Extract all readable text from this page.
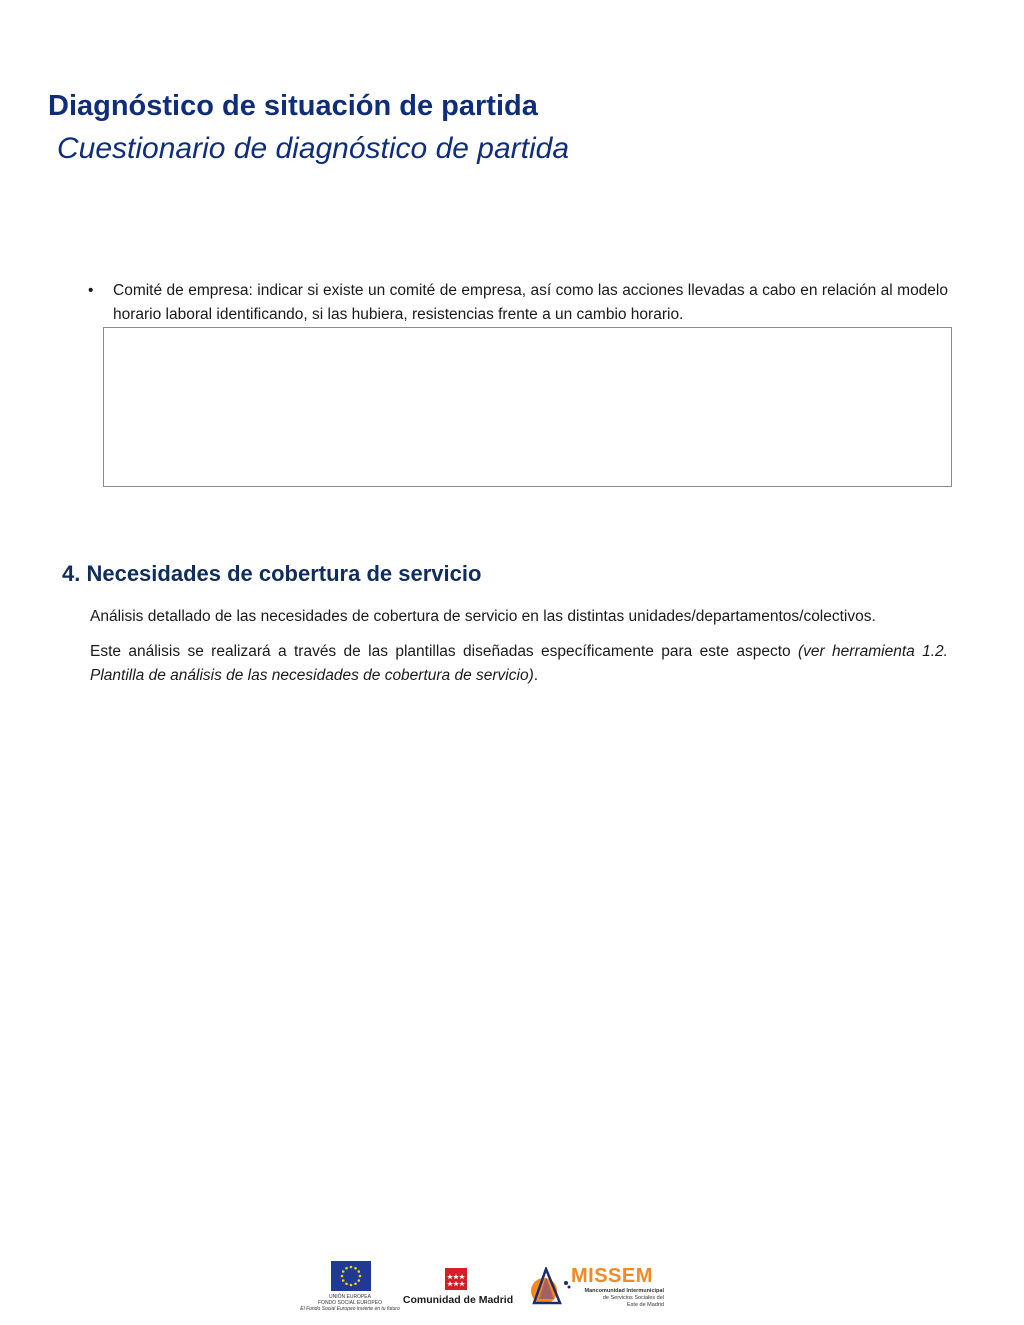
Diagnóstico de situación de partida
Cuestionario de diagnóstico de partida
•	Comité de empresa: indicar si existe un comité de empresa, así como las acciones llevadas a cabo en relación al modelo horario laboral identificando, si las hubiera, resistencias frente a un cambio horario.
4. Necesidades de cobertura de servicio
Análisis detallado de las necesidades de cobertura de servicio en las distintas unidades/departamentos/colectivos.
Este análisis se realizará a través de las plantillas diseñadas específicamente para este aspecto (ver herramienta 1.2. Plantilla de análisis de las necesidades de cobertura de servicio).
UNIÓN EUROPEA
FONDO SOCIAL EUROPEO
El Fondo Social Europeo invierte en tu futuro
Comunidad de Madrid
MISSEM
Mancomunidad Intermunicipal
de Servicios Sociales del
Este de Madrid
